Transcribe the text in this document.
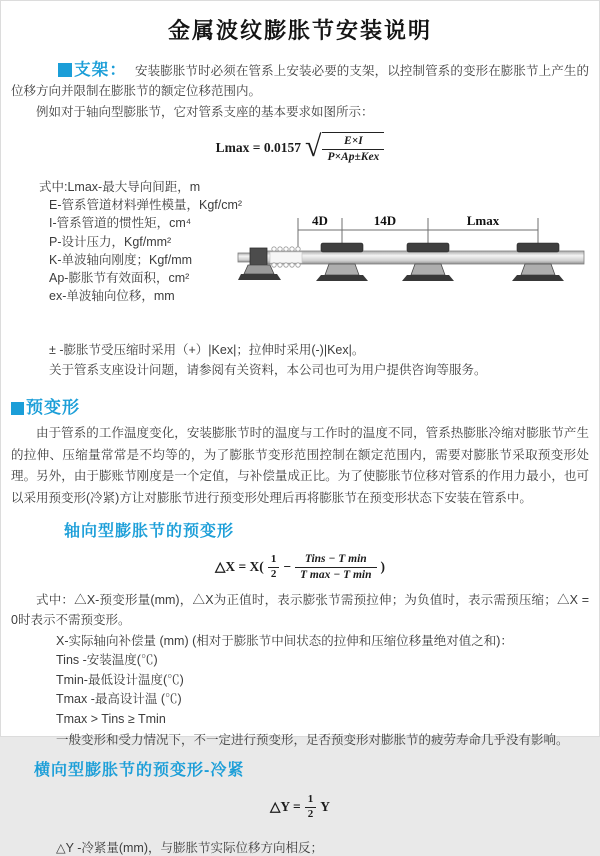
金属波纹膨胀节安装说明

支架： 安装膨胀节时必须在管系上安装必要的支架，以控制管系的变形在膨胀节上产生的位移方向并限制在膨胀节的额定位移范围内。

例如对于轴向型膨胀节，它对管系支座的基本要求如图所示：

Lmax = 0.0157 √ $\frac{E\times I}{\text{P×Ap±Kex}}$
式中:Lmax-最大导向间距，m
E-管系管道材料弹性模量，Kgf/cm²
I-管系管道的惯性矩，cm⁴
P-设计压力，Kgf/mm²
K-单波轴向刚度；Kgf/mm
Ap-膨胀节有效面积，cm²
ex-单波轴向位移，mm
4D	14D	Lmax
± -膨胀节受压缩时采用（+）|Kex|；拉伸时采用(-)|Kex|。
关于管系支座设计问题，请参阅有关资料，本公司也可为用户提供咨询等服务。
预变形

由于管系的工作温度变化，安装膨胀节时的温度与工作时的温度不同，管系热膨胀冷缩对膨胀节产生的拉伸、压缩量常常是不均等的，为了膨胀节变形范围控制在额定范围内，需要对膨胀节采取预变形处理。另外，由于膨账节刚度是一个定值，与补偿量成正比。为了使膨胀节位移对管系的作用力最小，也可以采用预变形(冷紧)方让对膨胀节进行预变形处理后再将膨胀节在预变形状态下安装在管系中。

轴向型膨胀节的预变形
△X = $X( \frac{1}{2} - \frac{\text{Tins − T min}}{\text{T max − T min}}$ )

式中：△X-预变形量(mm)，△X为正值时，表示膨张节需预拉伸；为负值时，表示需预压缩；△X = 0时表示不需预变形。

X-实际轴向补偿量 (mm) (相对于膨胀节中间状态的拉伸和压缩位移量绝对值之和)：
Tins -安装温度(℃)
Tmin-最低设计温度(℃)
Tmax -最高设计温 (℃)
Tmax > Tins ≥ Tmin

一般变形和受力情况下，不一定进行预变形，足否预变形对膨胀节的疲劳寿命几乎没有影响。

横向型膨胀节的预变形-冷紧
△Y = $\frac{1}{2}$ Y
△Y -冷紧量(mm)，与膨胀节实际位移方向相反；
